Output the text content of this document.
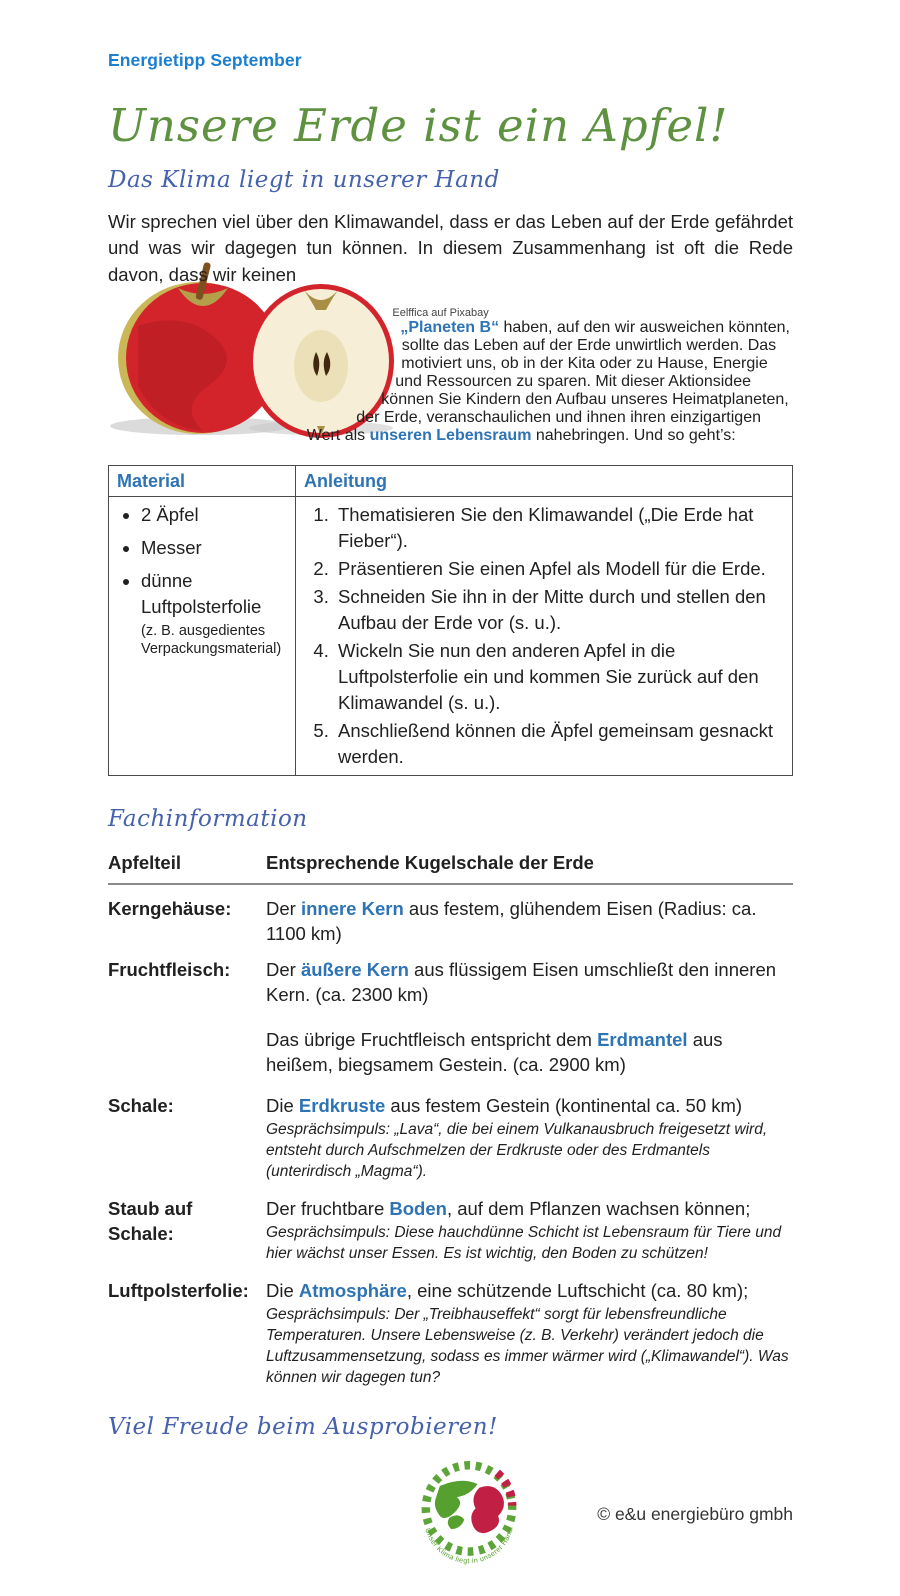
Energietipp September
Unsere Erde ist ein Apfel!
Das Klima liegt in unserer Hand

Wir sprechen viel über den Klimawandel, dass er das Leben auf der Erde gefährdet und was wir dagegen tun können. In diesem Zusammenhang ist oft die Rede davon, dass wir keinen

Eelffica auf Pixabay
„Planeten B“ haben, auf den wir ausweichen könnten, sollte das Leben auf der Erde unwirtlich werden. Das motiviert uns, ob in der Kita oder zu Hause, Energie und Ressourcen zu sparen. Mit dieser Aktionsidee können Sie Kindern den Aufbau unseres Heimatplaneten, der Erde, veranschaulichen und ihnen ihren einzigartigen Wert als unseren Lebensraum nahebringen. Und so geht’s:

Material	Anleitung

• 2 Äpfel
• Messer
• dünne Luftpolsterfolie
(z. B. ausgedientes Verpackungsmaterial)

1. Thematisieren Sie den Klimawandel („Die Erde hat Fieber“).
2. Präsentieren Sie einen Apfel als Modell für die Erde.
3. Schneiden Sie ihn in der Mitte durch und stellen den Aufbau der Erde vor (s. u.).
4. Wickeln Sie nun den anderen Apfel in die Luftpolsterfolie ein und kommen Sie zurück auf den Klimawandel (s. u.).
5. Anschließend können die Äpfel gemeinsam gesnackt werden.
Fachinformation
Apfelteil	Entsprechende Kugelschale der Erde
Kerngehäuse:	Der innere Kern aus festem, glühendem Eisen (Radius: ca. 1100 km)
Fruchtfleisch:	Der äußere Kern aus flüssigem Eisen umschließt den inneren Kern. (ca. 2300 km)
Das übrige Fruchtfleisch entspricht dem Erdmantel aus heißem, biegsamem Gestein. (ca. 2900 km)
Schale:	Die Erdkruste aus festem Gestein (kontinental ca. 50 km)
Gesprächsimpuls: „Lava“, die bei einem Vulkanausbruch freigesetzt wird, entsteht durch Aufschmelzen der Erdkruste oder des Erdmantels (unterirdisch „Magma“).
Staub auf Schale:
Der fruchtbare Boden, auf dem Pflanzen wachsen können;
Gesprächsimpuls: Diese hauchdünne Schicht ist Lebensraum für Tiere und hier wächst unser Essen. Es ist wichtig, den Boden zu schützen!
Luftpolsterfolie: Die Atmosphäre, eine schützende Luftschicht (ca. 80 km);
Gesprächsimpuls: Der „Treibhauseffekt“ sorgt für lebensfreundliche Temperaturen. Unsere Lebensweise (z. B. Verkehr) verändert jedoch die Luftzusammensetzung, sodass es immer wärmer wird („Klimawandel“). Was können wir dagegen tun?
Viel Freude beim Ausprobieren!
Unser Klima liegt in unserer Hand.
© e&u energiebüro gmbh
